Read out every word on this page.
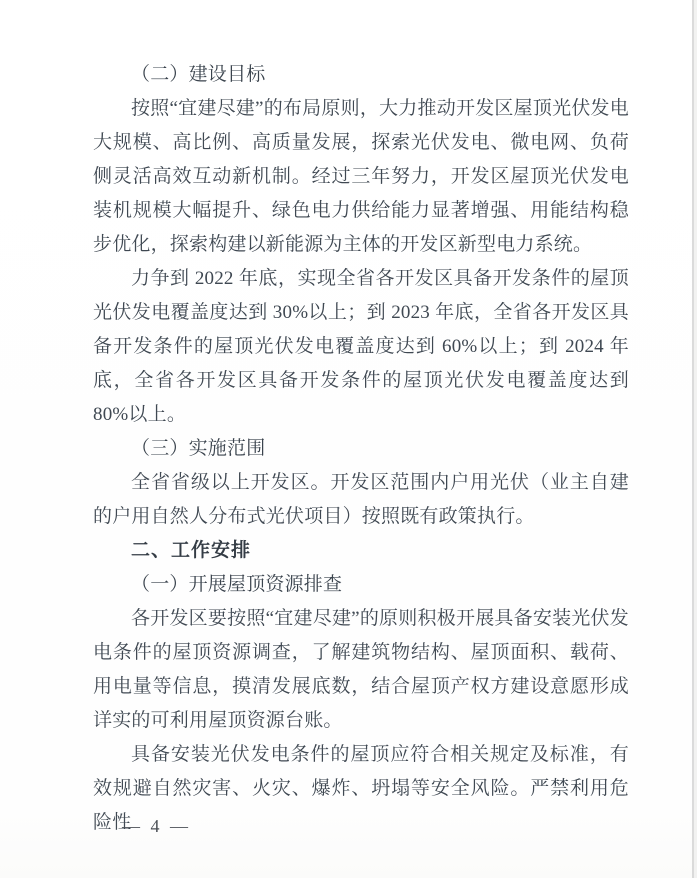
（二）建设目标
按照“宜建尽建”的布局原则，大力推动开发区屋顶光伏发电大规模、高比例、高质量发展，探索光伏发电、微电网、负荷侧灵活高效互动新机制。经过三年努力，开发区屋顶光伏发电装机规模大幅提升、绿色电力供给能力显著增强、用能结构稳步优化，探索构建以新能源为主体的开发区新型电力系统。
力争到 2022 年底，实现全省各开发区具备开发条件的屋顶光伏发电覆盖度达到 30%以上；到 2023 年底，全省各开发区具备开发条件的屋顶光伏发电覆盖度达到 60%以上；到 2024 年底，全省各开发区具备开发条件的屋顶光伏发电覆盖度达到 80%以上。
（三）实施范围
全省省级以上开发区。开发区范围内户用光伏（业主自建的户用自然人分布式光伏项目）按照既有政策执行。
二、工作安排
（一）开展屋顶资源排查
各开发区要按照“宜建尽建”的原则积极开展具备安装光伏发电条件的屋顶资源调查，了解建筑物结构、屋顶面积、载荷、用电量等信息，摸清发展底数，结合屋顶产权方建设意愿形成详实的可利用屋顶资源台账。
具备安装光伏发电条件的屋顶应符合相关规定及标准，有效规避自然灾害、火灾、爆炸、坍塌等安全风险。严禁利用危险性
— 4 —
